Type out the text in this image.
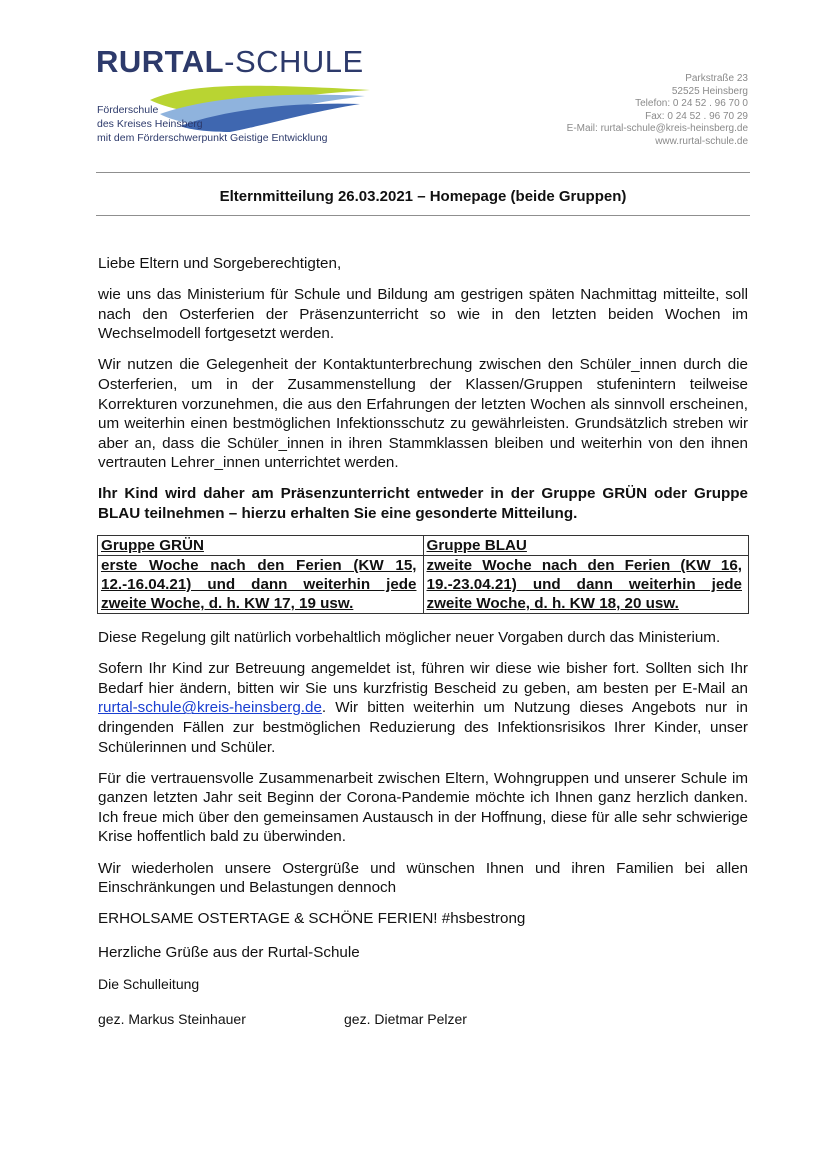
RURTAL-SCHULE
Förderschule
des Kreises Heinsberg
mit dem Förderschwerpunkt Geistige Entwicklung
Parkstraße 23
52525 Heinsberg
Telefon: 0 24 52 . 96 70 0
Fax: 0 24 52 . 96 70 29
E-Mail: rurtal-schule@kreis-heinsberg.de
www.rurtal-schule.de
Elternmitteilung 26.03.2021 – Homepage (beide Gruppen)

Liebe Eltern und Sorgeberechtigten,

wie uns das Ministerium für Schule und Bildung am gestrigen späten Nachmittag mitteilte, soll nach den Osterferien der Präsenzunterricht so wie in den letzten beiden Wochen im Wechselmodell fortgesetzt werden.

Wir nutzen die Gelegenheit der Kontaktunterbrechung zwischen den Schüler_innen durch die Osterferien, um in der Zusammenstellung der Klassen/Gruppen stufenintern teilweise Korrekturen vorzunehmen, die aus den Erfahrungen der letzten Wochen als sinnvoll erscheinen, um weiterhin einen bestmöglichen Infektionsschutz zu gewährleisten. Grundsätzlich streben wir aber an, dass die Schüler_innen in ihren Stammklassen bleiben und weiterhin von den ihnen vertrauten Lehrer_innen unterrichtet werden.

Ihr Kind wird daher am Präsenzunterricht entweder in der Gruppe GRÜN oder Gruppe BLAU teilnehmen – hierzu erhalten Sie eine gesonderte Mitteilung.

Gruppe GRÜN	Gruppe BLAU
erste Woche nach den Ferien (KW 15, 12.-16.04.21) und dann weiterhin jede zweite Woche, d. h. KW 17, 19 usw.	zweite Woche nach den Ferien (KW 16, 19.-23.04.21) und dann weiterhin jede zweite Woche, d. h. KW 18, 20 usw.

Diese Regelung gilt natürlich vorbehaltlich möglicher neuer Vorgaben durch das Ministerium.

Sofern Ihr Kind zur Betreuung angemeldet ist, führen wir diese wie bisher fort. Sollten sich Ihr Bedarf hier ändern, bitten wir Sie uns kurzfristig Bescheid zu geben, am besten per E-Mail an rurtal-schule@kreis-heinsberg.de. Wir bitten weiterhin um Nutzung dieses Angebots nur in dringenden Fällen zur bestmöglichen Reduzierung des Infektionsrisikos Ihrer Kinder, unser Schülerinnen und Schüler.

Für die vertrauensvolle Zusammenarbeit zwischen Eltern, Wohngruppen und unserer Schule im ganzen letzten Jahr seit Beginn der Corona-Pandemie möchte ich Ihnen ganz herzlich danken. Ich freue mich über den gemeinsamen Austausch in der Hoffnung, diese für alle sehr schwierige Krise hoffentlich bald zu überwinden.

Wir wiederholen unsere Ostergrüße und wünschen Ihnen und ihren Familien bei allen Einschränkungen und Belastungen dennoch

ERHOLSAME OSTERTAGE & SCHÖNE FERIEN! #hsbestrong

Herzliche Grüße aus der Rurtal-Schule

Die Schulleitung

gez. Markus Steinhauer	gez. Dietmar Pelzer
